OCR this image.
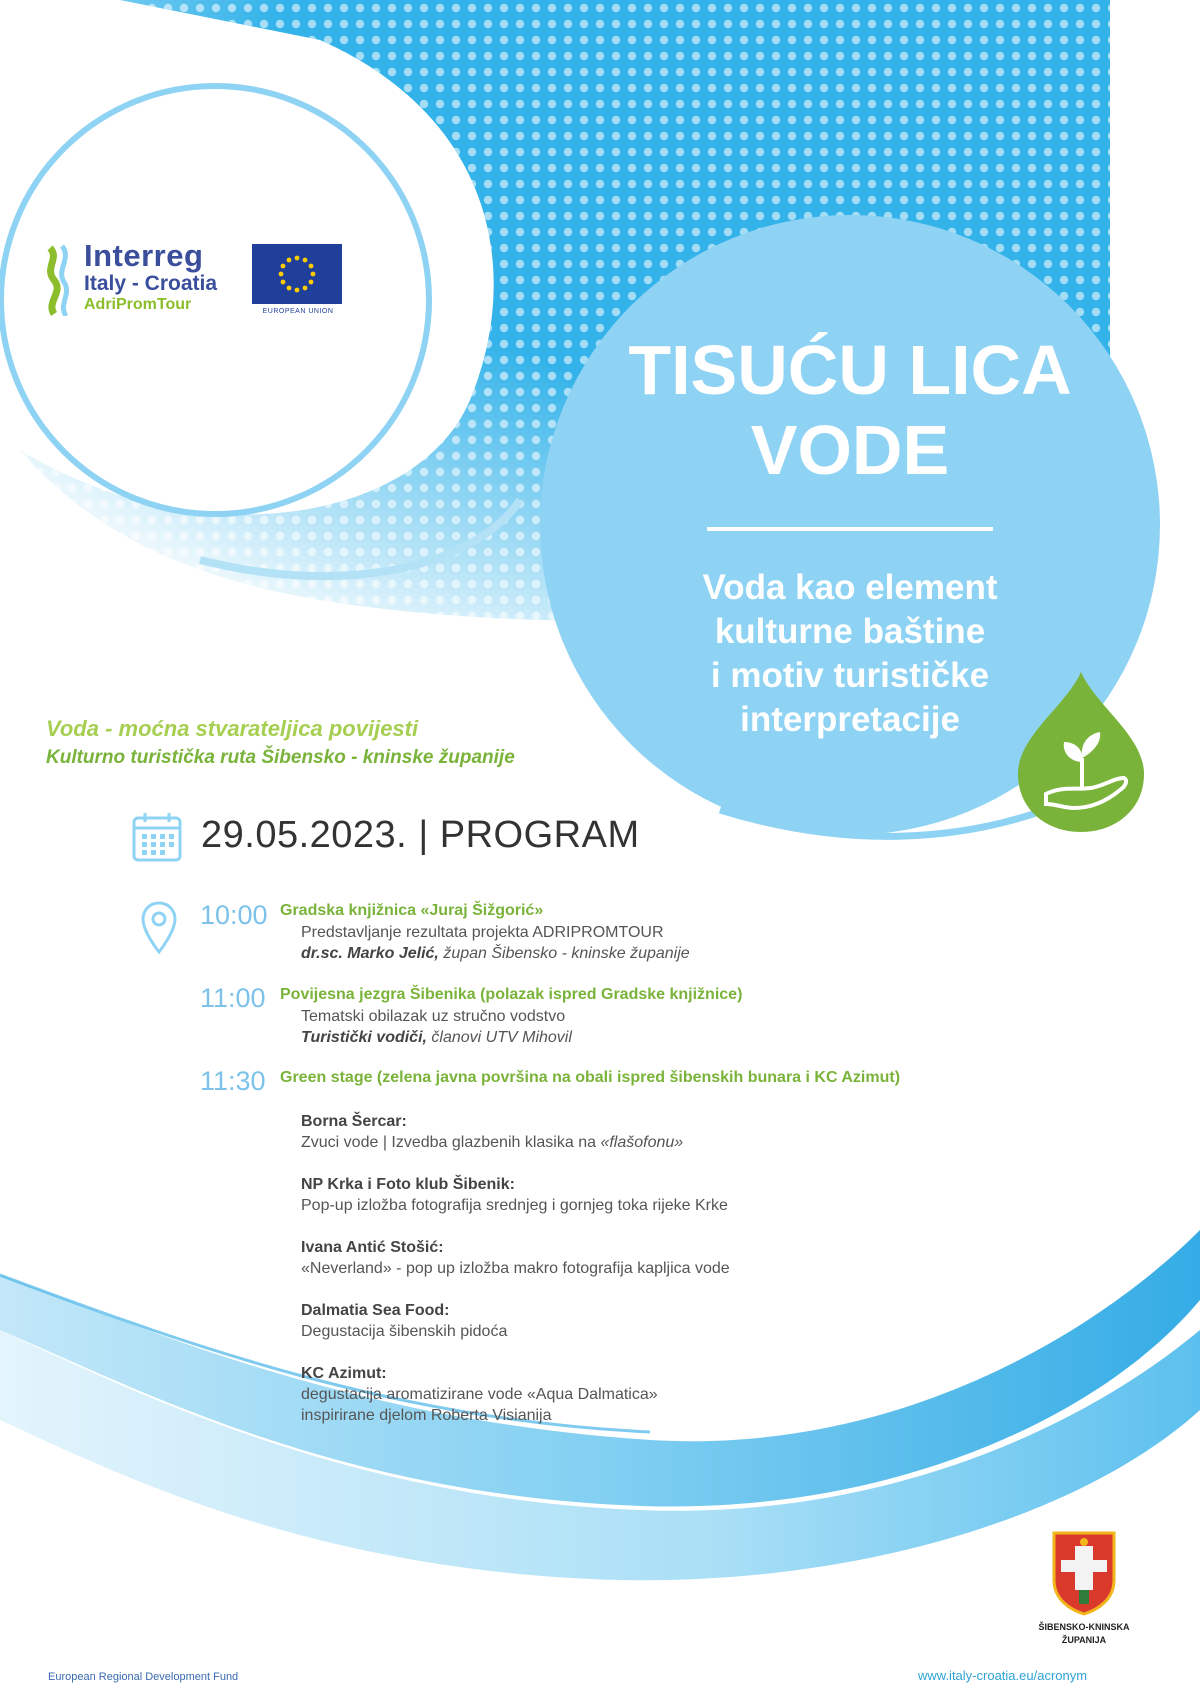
Interreg
Italy - Croatia
AdriPromTour	EUROPEAN UNION
TISUĆU LICA
VODE
Voda kao element
kulturne baštine
i motiv turističke
interpretacije
Voda - moćna stvarateljica povijesti
Kulturno turistička ruta Šibensko - kninske županije
29.05.2023. | PROGRAM
10:00 Gradska knjižnica «Juraj Šižgorić»
Predstavljanje rezultata projekta ADRIPROMTOUR
dr.sc. Marko Jelić, župan Šibensko - kninske županije
11:00 Povijesna jezgra Šibenika (polazak ispred Gradske knjižnice)
Tematski obilazak uz stručno vodstvo
Turistički vodiči, članovi UTV Mihovil
11:30 Green stage (zelena javna površina na obali ispred šibenskih bunara i KC Azimut)
Borna Šercar:
Zvuci vode | Izvedba glazbenih klasika na «flašofonu»
NP Krka i Foto klub Šibenik:
Pop-up izložba fotografija srednjeg i gornjeg toka rijeke Krke
Ivana Antić Stošić:
«Neverland» - pop up izložba makro fotografija kapljica vode
Dalmatia Sea Food:
Degustacija šibenskih pidoća
KC Azimut:
degustacija aromatizirane vode «Aqua Dalmatica»
inspirirane djelom Roberta Visianija
ŠIBENSKO-KNINSKA
ŽUPANIJA
European Regional Development Fund	www.italy-croatia.eu/acronym
